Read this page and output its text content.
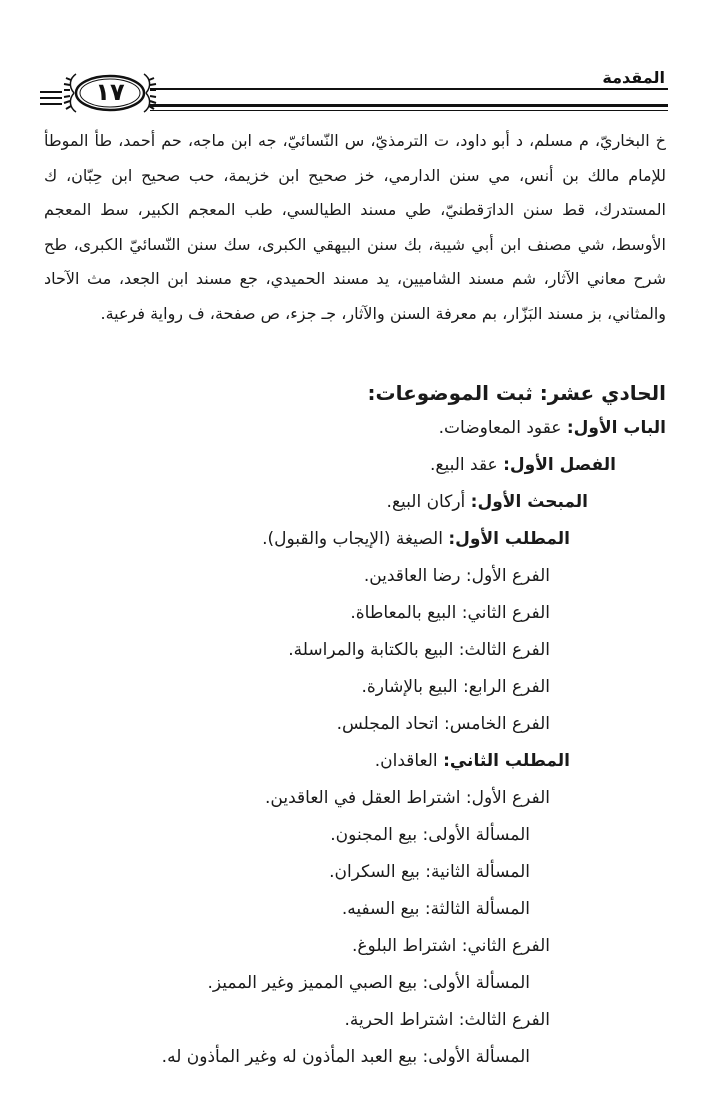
المقدمة
١٧
خ البخاريّ، م مسلم، د أبو داود، ت الترمذيّ، س النّسائيّ، جه ابن ماجه، حم أحمد، طأ الموطأ للإمام مالك بن أنس، مي سنن الدارمي، خز صحيح ابن خزيمة، حب صحيح ابن حِبّان، ك المستدرك، قط سنن الدارَقطنيّ، طي مسند الطيالسي، طب المعجم الكبير، سط المعجم الأوسط، شي مصنف ابن أبي شيبة، بك سنن البيهقي الكبرى، سك سنن النّسائيّ الكبرى، طح شرح معاني الآثار، شم مسند الشاميين، يد مسند الحميدي، جع مسند ابن الجعد، مث الآحاد والمثاني، بز مسند البَزّار، بم معرفة السنن والآثار، جـ جزء، ص صفحة، ف رواية فرعية.
الحادي عشر: ثبت الموضوعات:
الباب الأول: عقود المعاوضات.
الفصل الأول: عقد البيع.
المبحث الأول: أركان البيع.
المطلب الأول: الصيغة (الإيجاب والقبول).
الفرع الأول: رضا العاقدين.
الفرع الثاني: البيع بالمعاطاة.
الفرع الثالث: البيع بالكتابة والمراسلة.
الفرع الرابع: البيع بالإشارة.
الفرع الخامس: اتحاد المجلس.
المطلب الثاني: العاقدان.
الفرع الأول: اشتراط العقل في العاقدين.
المسألة الأولى: بيع المجنون.
المسألة الثانية: بيع السكران.
المسألة الثالثة: بيع السفيه.
الفرع الثاني: اشتراط البلوغ.
المسألة الأولى: بيع الصبي المميز وغير المميز.
الفرع الثالث: اشتراط الحرية.
المسألة الأولى: بيع العبد المأذون له وغير المأذون له.
